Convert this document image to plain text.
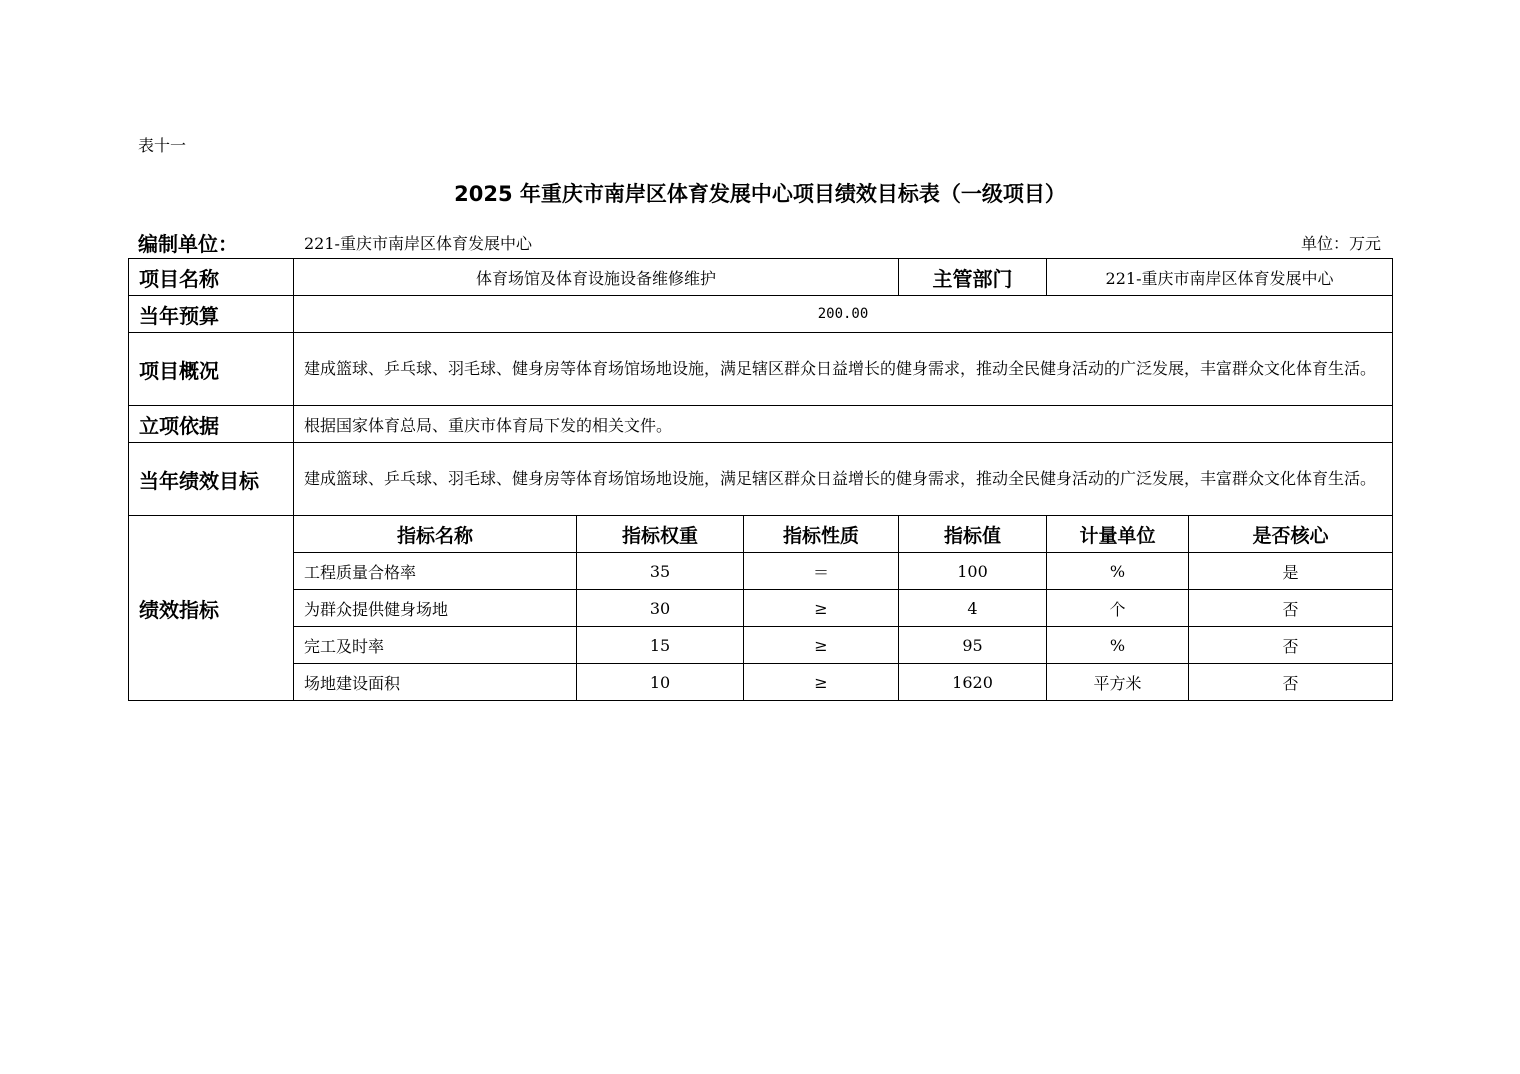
表十一
2025 年重庆市南岸区体育发展中心项目绩效目标表（一级项目）
编制单位：	221-重庆市南岸区体育发展中心	单位：万元
项目名称	体育场馆及体育设施设备维修维护			主管部门	221-重庆市南岸区体育发展中心	
当年预算	200.00					
项目概况	建成篮球、乒乓球、羽毛球、健身房等体育场馆场地设施，满足辖区群众日益增长的健身需求，推动全民健身活动的广泛发展，丰富群众文化体育生活。					
立项依据	根据国家体育总局、重庆市体育局下发的相关文件。					
当年绩效目标	建成篮球、乒乓球、羽毛球、健身房等体育场馆场地设施，满足辖区群众日益增长的健身需求，推动全民健身活动的广泛发展，丰富群众文化体育生活。					
绩效指标	指标名称	指标权重	指标性质	指标值	计量单位	是否核心
	工程质量合格率	35	＝	100	%	是
	为群众提供健身场地	30	≥	4	个	否
	完工及时率	15	≥	95	%	否
	场地建设面积	10	≥	1620	平方米	否
